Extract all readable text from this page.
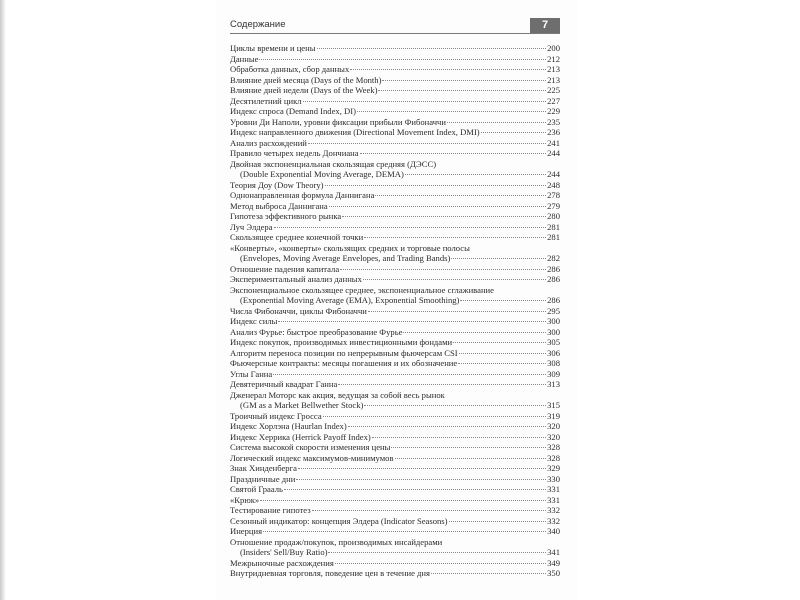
Содержание	7
Циклы времени и цены	200
Данные	212
Обработка данных, сбор данных	213
Влияние дней месяца (Days of the Month)	213
Влияние дней недели (Days of the Week)	225
Десятилетний цикл	227
Индекс спроса (Demand Index, DI)	229
Уровни Ди Наполи, уровни фиксации прибыли Фибоначчи	235
Индекс направленного движения (Directional Movement Index, DMI)	236
Анализ расхождений	241
Правило четырех недель Дончиана	244
Двойная экспоненциальная скользящая средняя (ДЭСС)
(Double Exponential Moving Average, DEMA)	244
Теория Доу (Dow Theory)	248
Однонаправленная формула Даннигана	278
Метод выброса Даннигана	279
Гипотеза эффективного рынка	280
Луч Элдера	281
Скользящее среднее конечной точки	281
«Конверты», «конверты» скользящих средних и торговые полосы
(Envelopes, Moving Average Envelopes, and Trading Bands)	282
Отношение падения капитала	286
Экспериментальный анализ данных	286
Экспоненциальное скользящее среднее, экспоненциальное сглаживание
(Exponential Moving Average (EMA), Exponential Smoothing)	286
Числа Фибоначчи, циклы Фибоначчи	295
Индекс силы	300
Анализ Фурье: быстрое преобразование Фурье	300
Индекс покупок, производимых инвестиционными фондами	305
Алгоритм переноса позиции по непрерывным фьючерсам CSI	306
Фьючерсные контракты: месяцы погашения и их обозначение	308
Углы Ганна	309
Девятеричный квадрат Ганна	313
Дженерал Моторс как акция, ведущая за собой весь рынок
(GM as a Market Bellwether Stock)	315
Троичный индекс Гросса	319
Индекс Хорлэна (Haurlan Index)	320
Индекс Херрика (Herrick Payoff Index)	320
Система высокой скорости изменения цены	328
Логический индекс максимумов-минимумов	328
Знак Хинденберга	329
Праздничные дни	330
Святой Грааль	331
«Крюк»	331
Тестирование гипотез	332
Сезонный индикатор: концепция Элдера (Indicator Seasons)	332
Инерция	340
Отношение продаж/покупок, производимых инсайдерами
(Insiders' Sell/Buy Ratio)	341
Межрыночные расхождения	349
Внутридневная торговля, поведение цен в течение дня	350
